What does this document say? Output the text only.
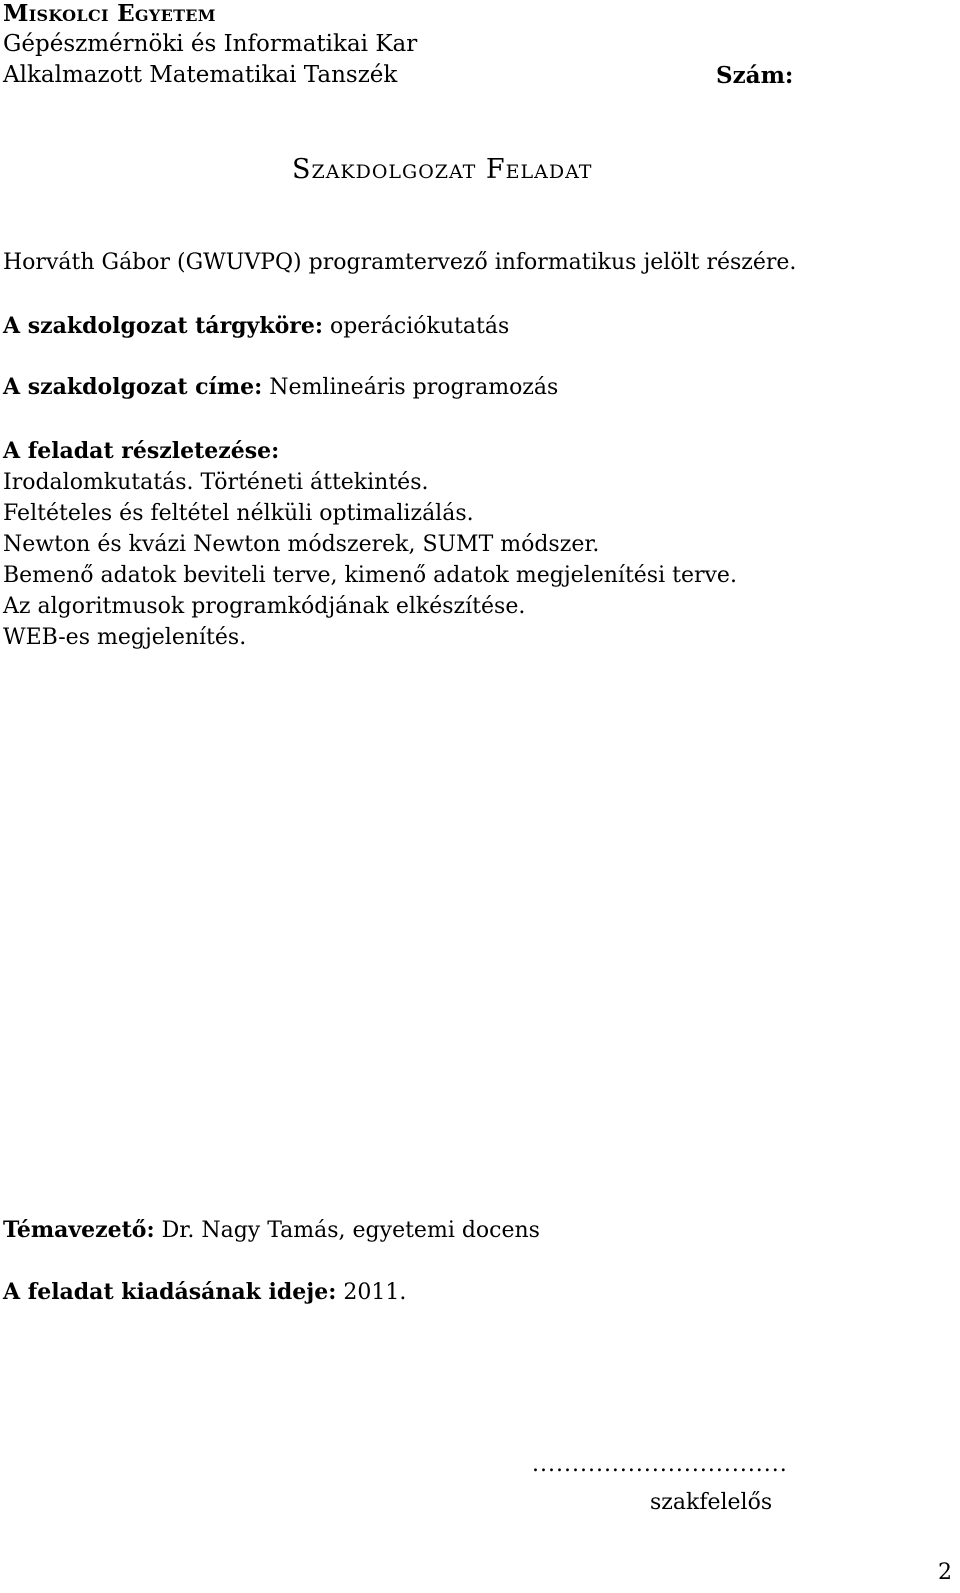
Miskolci Egyetem
Gépészmérnöki és Informatikai Kar
Alkalmazott Matematikai Tanszék	Szám:
Szakdolgozat Feladat
Horváth Gábor (GWUVPQ) programtervező informatikus jelölt részére.
A szakdolgozat tárgyköre: operációkutatás
A szakdolgozat címe: Nemlineáris programozás
A feladat részletezése:
Irodalomkutatás. Történeti áttekintés.
Feltételes és feltétel nélküli optimalizálás.
Newton és kvázi Newton módszerek, SUMT módszer.
Bemenő adatok beviteli terve, kimenő adatok megjelenítési terve.
Az algoritmusok programkódjának elkészítése.
WEB-es megjelenítés.
Témavezető: Dr. Nagy Tamás, egyetemi docens
A feladat kiadásának ideje: 2011.
................................
szakfelelős
2
